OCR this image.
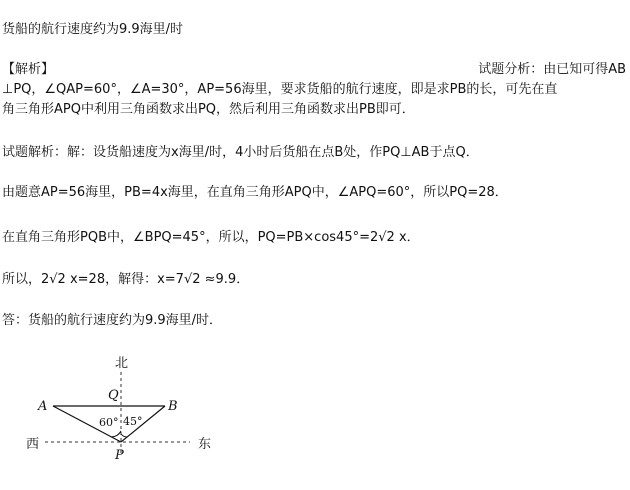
货船的航行速度约为9.9海里/时
【解析】	试题分析：由已知可得AB
⊥PQ，∠QAP=60°，∠A=30°，AP=56海里，要求货船的航行速度，即是求PB的长，可先在直
角三角形APQ中利用三角函数求出PQ，然后利用三角函数求出PB即可．
试题解析：解：设货船速度为x海里/时，4小时后货船在点B处，作PQ⊥AB于点Q．
由题意AP=56海里，PB=4x海里，在直角三角形APQ中，∠APQ=60°，所以PQ=28．
在直角三角形PQB中，∠BPQ=45°，所以，PQ=PB×cos45°=2√2 x．
所以，2√2 x=28，解得：x=7√2 ≈9.9．
答：货船的航行速度约为9.9海里/时．
北
西	东
A	B
Q
P
60° 45°
